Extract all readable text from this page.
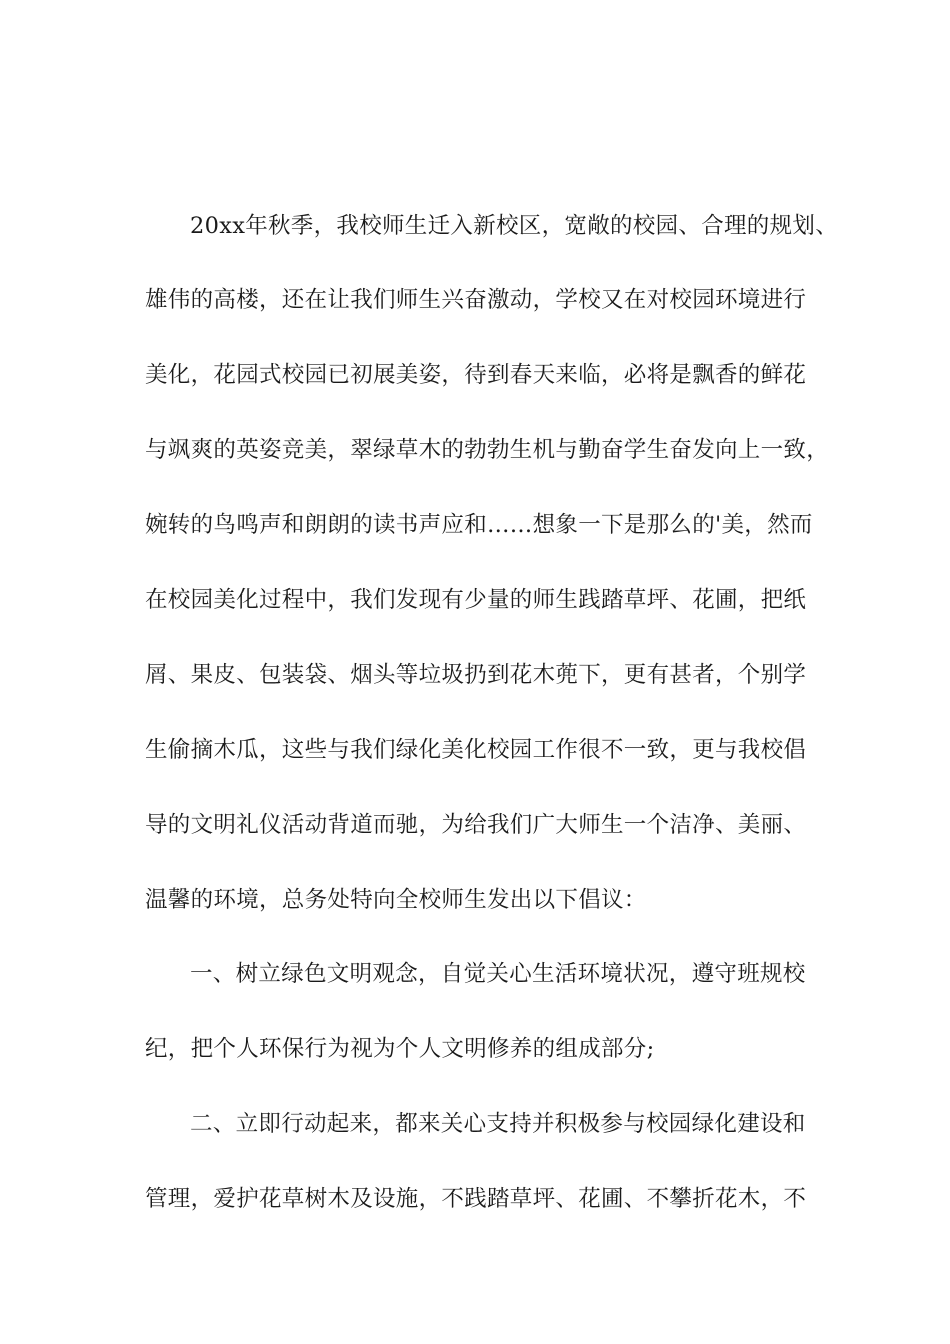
20xx年秋季，我校师生迁入新校区，宽敞的校园、合理的规划、
雄伟的高楼，还在让我们师生兴奋激动，学校又在对校园环境进行
美化，花园式校园已初展美姿，待到春天来临，必将是飘香的鲜花
与飒爽的英姿竞美，翠绿草木的勃勃生机与勤奋学生奋发向上一致，
婉转的鸟鸣声和朗朗的读书声应和……想象一下是那么的'美，然而
在校园美化过程中，我们发现有少量的师生践踏草坪、花圃，把纸
屑、果皮、包装袋、烟头等垃圾扔到花木蔸下，更有甚者，个别学
生偷摘木瓜，这些与我们绿化美化校园工作很不一致，更与我校倡
导的文明礼仪活动背道而驰，为给我们广大师生一个洁净、美丽、
温馨的环境，总务处特向全校师生发出以下倡议：
一、树立绿色文明观念，自觉关心生活环境状况，遵守班规校
纪，把个人环保行为视为个人文明修养的组成部分;
二、立即行动起来，都来关心支持并积极参与校园绿化建设和
管理，爱护花草树木及设施，不践踏草坪、花圃、不攀折花木，不
